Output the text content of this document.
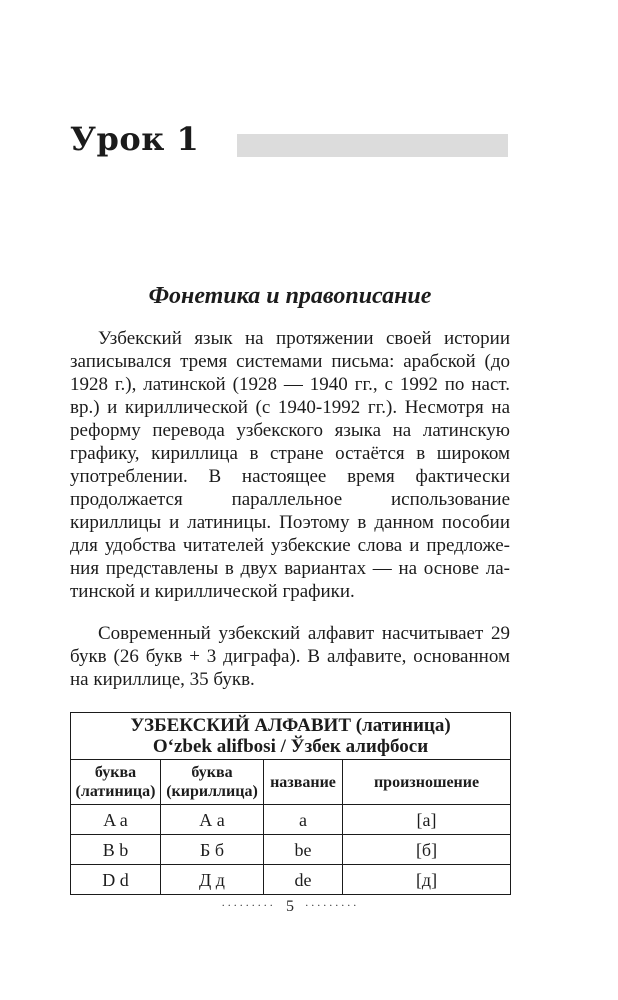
Урок 1
Фонетика и правописание

Узбекский язык на протяжении своей истории записывался тремя системами письма: арабской (до 1928 г.), латинской (1928 — 1940 гг., с 1992 по наст. вр.) и кириллической (с 1940-1992 гг.). Несмотря на реформу перевода узбекского языка на латинскую графику, кириллица в стране остаётся в широком употреблении. В настоящее время фактически продолжается параллельное использование кириллицы и латиницы. Поэтому в данном пособии для удобства читателей узбекские слова и предложения представлены в двух вариантах — на основе латинской и кириллической графики.

Современный узбекский алфавит насчитывает 29 букв (26 букв + 3 диграфа). В алфавите, основанном на кириллице, 35 букв.

УЗБЕКСКИЙ АЛФАВИТ (латиница)
Oʻzbek alifbosi / Ўзбек алифбоси			

буква (латиница)	буква (кириллица)	название	произношение
A a	А а	a	[а]
B b	Б б	be	[б]
D d	Д д	de	[д]
········· 5 ·········
